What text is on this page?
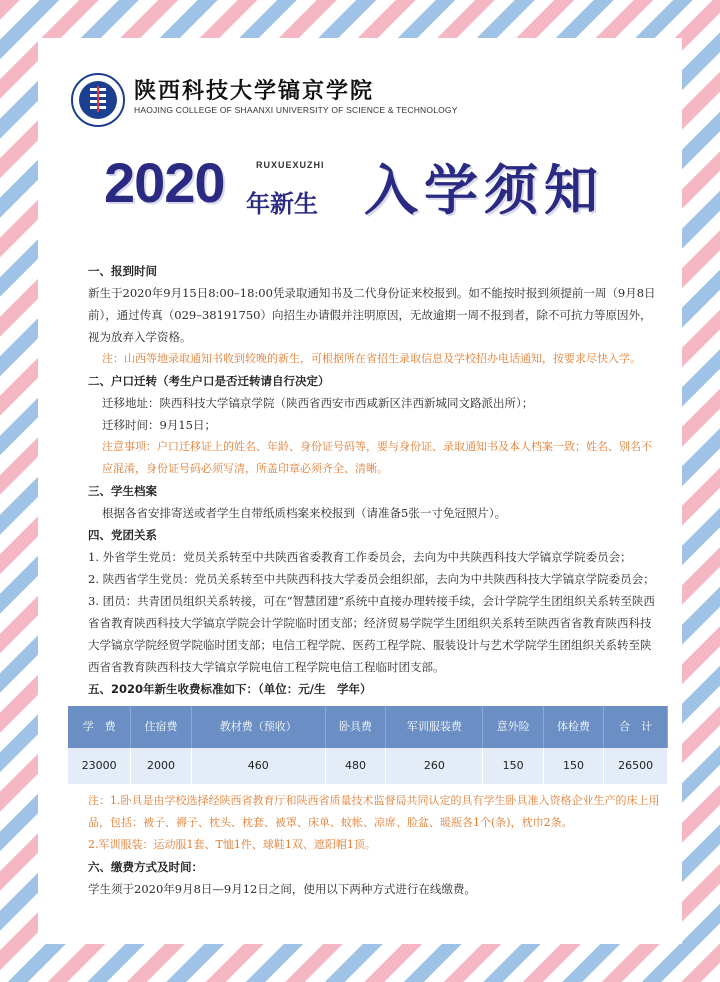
陕西科技大学镐京学院
HAOJING COLLEGE OF SHAANXI UNIVERSITY OF SCIENCE & TECHNOLOGY
2020	RUXUEXUZHI
年新生 入学须知
一、报到时间
新生于2020年9月15日8:00–18:00凭录取通知书及二代身份证来校报到。如不能按时报到须提前一周（9月8日前），通过传真（029–38191750）向招生办请假并注明原因，无故逾期一周不报到者，除不可抗力等原因外，视为放弃入学资格。
注：山西等地录取通知书收到较晚的新生，可根据所在省招生录取信息及学校招办电话通知，按要求尽快入学。
二、户口迁转（考生户口是否迁转请自行决定）
迁移地址：陕西科技大学镐京学院（陕西省西安市西咸新区沣西新城同文路派出所）；
迁移时间：9月15日；
注意事项：户口迁移证上的姓名、年龄、身份证号码等，要与身份证、录取通知书及本人档案一致；姓名、别名不应混淆，身份证号码必须写清，所盖印章必须齐全、清晰。
三、学生档案
根据各省安排寄送或者学生自带纸质档案来校报到（请准备5张一寸免冠照片）。
四、党团关系
1. 外省学生党员：党员关系转至中共陕西省委教育工作委员会，去向为中共陕西科技大学镐京学院委员会；
2. 陕西省学生党员：党员关系转至中共陕西科技大学委员会组织部，去向为中共陕西科技大学镐京学院委员会；
3. 团员：共青团员组织关系转接，可在“智慧团建”系统中直接办理转接手续，会计学院学生团组织关系转至陕西省省教育陕西科技大学镐京学院会计学院临时团支部；经济贸易学院学生团组织关系转至陕西省省教育陕西科技大学镐京学院经贸学院临时团支部；电信工程学院、医药工程学院、服装设计与艺术学院学生团组织关系转至陕西省省教育陕西科技大学镐京学院电信工程学院电信工程临时团支部。
五、2020年新生收费标准如下：（单位：元/生　学年）
学　费	住宿费	教材费（预收）	卧具费	军训服装费	意外险	体检费	合　计
23000	2000	460	480	260	150	150	26500
注：1.卧具是由学校选择经陕西省教育厅和陕西省质量技术监督局共同认定的具有学生卧具准入资格企业生产的床上用品，包括：被子、褥子、枕头、枕套、被罩、床单、蚊帐、凉席、脸盆、暖瓶各1个(条)，枕巾2条。
2.军训服装：运动服1套、T恤1件、球鞋1双、遮阳帽1顶。
六、缴费方式及时间：
学生须于2020年9月8日—9月12日之间，使用以下两种方式进行在线缴费。
